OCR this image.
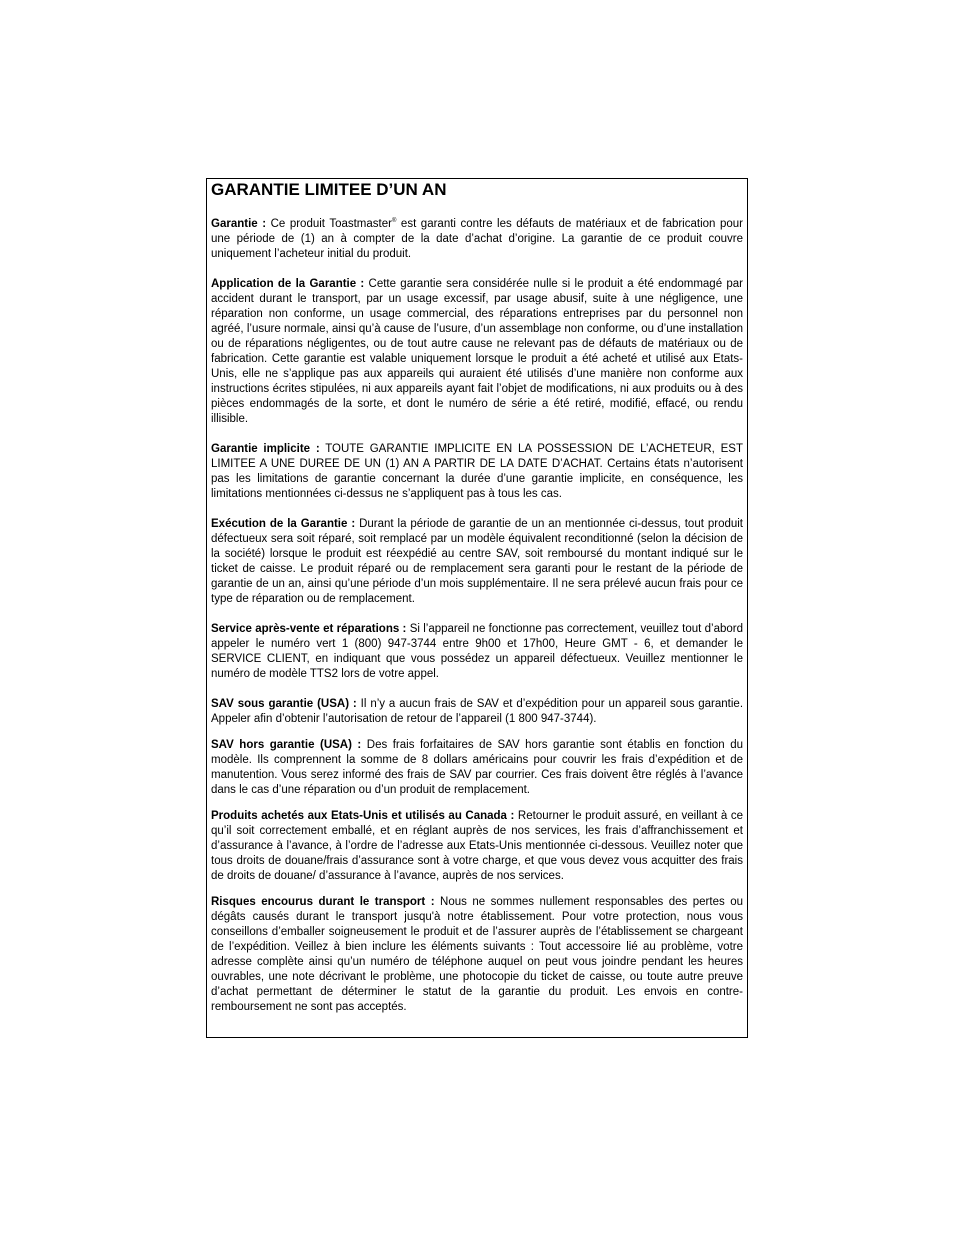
GARANTIE LIMITEE D’UN AN

Garantie : Ce produit Toastmaster® est garanti contre les défauts de matériaux et de fabrication pour une période de (1) an à compter de la date d’achat d’origine. La garantie de ce produit couvre uniquement l’acheteur initial du produit.

Application de la Garantie : Cette garantie sera considérée nulle si le produit a été endommagé par accident durant le transport, par un usage excessif, par usage abusif, suite à une négligence, une réparation non conforme, un usage commercial, des réparations entreprises par du personnel non agréé, l’usure normale, ainsi qu’à cause de l’usure, d’un assemblage non conforme, ou d’une installation ou de réparations négligentes, ou de tout autre cause ne relevant pas de défauts de matériaux ou de fabrication. Cette garantie est valable uniquement lorsque le produit a été acheté et utilisé aux Etats-Unis, elle ne s’applique pas aux appareils qui auraient été utilisés d’une manière non conforme aux instructions écrites stipulées, ni aux appareils ayant fait l’objet de modifications, ni aux produits ou à des pièces endommagés de la sorte, et dont le numéro de série a été retiré, modifié, effacé, ou rendu illisible.

Garantie implicite : TOUTE GARANTIE IMPLICITE EN LA POSSESSION DE L’ACHETEUR, EST LIMITEE A UNE DUREE DE UN (1) AN A PARTIR DE LA DATE D’ACHAT. Certains états n’autorisent pas les limitations de garantie concernant la durée d’une garantie implicite, en conséquence, les limitations mentionnées ci-dessus ne s’appliquent pas à tous les cas.

Exécution de la Garantie : Durant la période de garantie de un an mentionnée ci-dessus, tout produit défectueux sera soit réparé, soit remplacé par un modèle équivalent reconditionné (selon la décision de la société) lorsque le produit est réexpédié au centre SAV, soit remboursé du montant indiqué sur le ticket de caisse. Le produit réparé ou de remplacement sera garanti pour le restant de la période de garantie de un an, ainsi qu’une période d’un mois supplémentaire. Il ne sera prélevé aucun frais pour ce type de réparation ou de remplacement.

Service après-vente et réparations : Si l’appareil ne fonctionne pas correctement, veuillez tout d’abord appeler le numéro vert 1 (800) 947-3744 entre 9h00 et 17h00, Heure GMT - 6, et demander le SERVICE CLIENT, en indiquant que vous possédez un appareil défectueux. Veuillez mentionner le numéro de modèle TTS2 lors de votre appel.

SAV sous garantie (USA) : Il n’y a aucun frais de SAV et d’expédition pour un appareil sous garantie. Appeler afin d’obtenir l’autorisation de retour de l’appareil (1 800 947-3744).

SAV hors garantie (USA) : Des frais forfaitaires de SAV hors garantie sont établis en fonction du modèle. Ils comprennent la somme de 8 dollars américains pour couvrir les frais d’expédition et de manutention. Vous serez informé des frais de SAV par courrier. Ces frais doivent être réglés à l’avance dans le cas d’une réparation ou d’un produit de remplacement.

Produits achetés aux Etats-Unis et utilisés au Canada : Retourner le produit assuré, en veillant à ce qu’il soit correctement emballé, et en réglant auprès de nos services, les frais d’affranchissement et d’assurance à l’avance, à l’ordre de l’adresse aux Etats-Unis mentionnée ci-dessous. Veuillez noter que tous droits de douane/frais d’assurance sont à votre charge, et que vous devez vous acquitter des frais de droits de douane/ d’assurance à l’avance, auprès de nos services.

Risques encourus durant le transport : Nous ne sommes nullement responsables des pertes ou dégâts causés durant le transport jusqu'à notre établissement. Pour votre protection, nous vous conseillons d’emballer soigneusement le produit et de l’assurer auprès de l’établissement se chargeant de l’expédition. Veillez à bien inclure les éléments suivants : Tout accessoire lié au problème, votre adresse complète ainsi qu’un numéro de téléphone auquel on peut vous joindre pendant les heures ouvrables, une note décrivant le problème, une photocopie du ticket de caisse, ou toute autre preuve d’achat permettant de déterminer le statut de la garantie du produit. Les envois en contre-remboursement ne sont pas acceptés.
